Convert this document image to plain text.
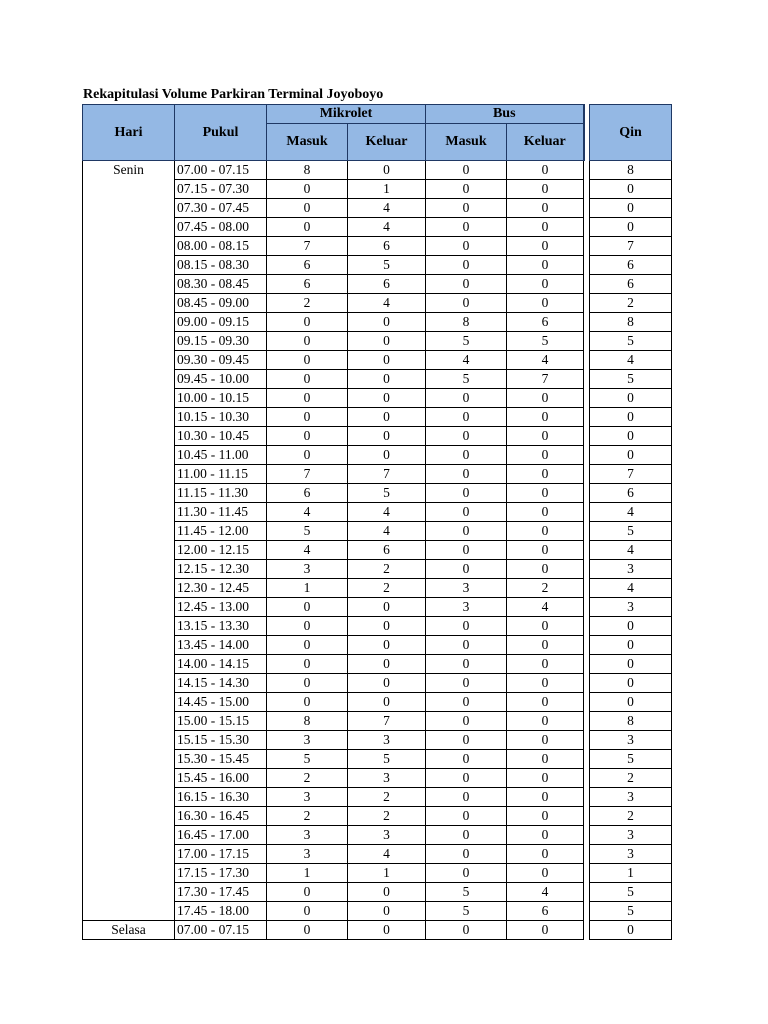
Rekapitulasi Volume Parkiran Terminal Joyoboyo
Hari	Pukul	Mikrolet		Bus			Qin
		Masuk	Keluar	Masuk	Keluar		
Senin	07.00 - 07.15	8	0	0	0		8
	07.15 - 07.30	0	1	0	0		0
	07.30 - 07.45	0	4	0	0		0
	07.45 - 08.00	0	4	0	0		0
	08.00 - 08.15	7	6	0	0		7
	08.15 - 08.30	6	5	0	0		6
	08.30 - 08.45	6	6	0	0		6
	08.45 - 09.00	2	4	0	0		2
	09.00 - 09.15	0	0	8	6		8
	09.15 - 09.30	0	0	5	5		5
	09.30 - 09.45	0	0	4	4		4
	09.45 - 10.00	0	0	5	7		5
	10.00 - 10.15	0	0	0	0		0
	10.15 - 10.30	0	0	0	0		0
	10.30 - 10.45	0	0	0	0		0
	10.45 - 11.00	0	0	0	0		0
	11.00 - 11.15	7	7	0	0		7
	11.15 - 11.30	6	5	0	0		6
	11.30 - 11.45	4	4	0	0		4
	11.45 - 12.00	5	4	0	0		5
	12.00 - 12.15	4	6	0	0		4
	12.15 - 12.30	3	2	0	0		3
	12.30 - 12.45	1	2	3	2		4
	12.45 - 13.00	0	0	3	4		3
	13.15 - 13.30	0	0	0	0		0
	13.45 - 14.00	0	0	0	0		0
	14.00 - 14.15	0	0	0	0		0
	14.15 - 14.30	0	0	0	0		0
	14.45 - 15.00	0	0	0	0		0
	15.00 - 15.15	8	7	0	0		8
	15.15 - 15.30	3	3	0	0		3
	15.30 - 15.45	5	5	0	0		5
	15.45 - 16.00	2	3	0	0		2
	16.15 - 16.30	3	2	0	0		3
	16.30 - 16.45	2	2	0	0		2
	16.45 - 17.00	3	3	0	0		3
	17.00 - 17.15	3	4	0	0		3
	17.15 - 17.30	1	1	0	0		1
	17.30 - 17.45	0	0	5	4		5
	17.45 - 18.00	0	0	5	6		5
Selasa	07.00 - 07.15	0	0	0	0		0
